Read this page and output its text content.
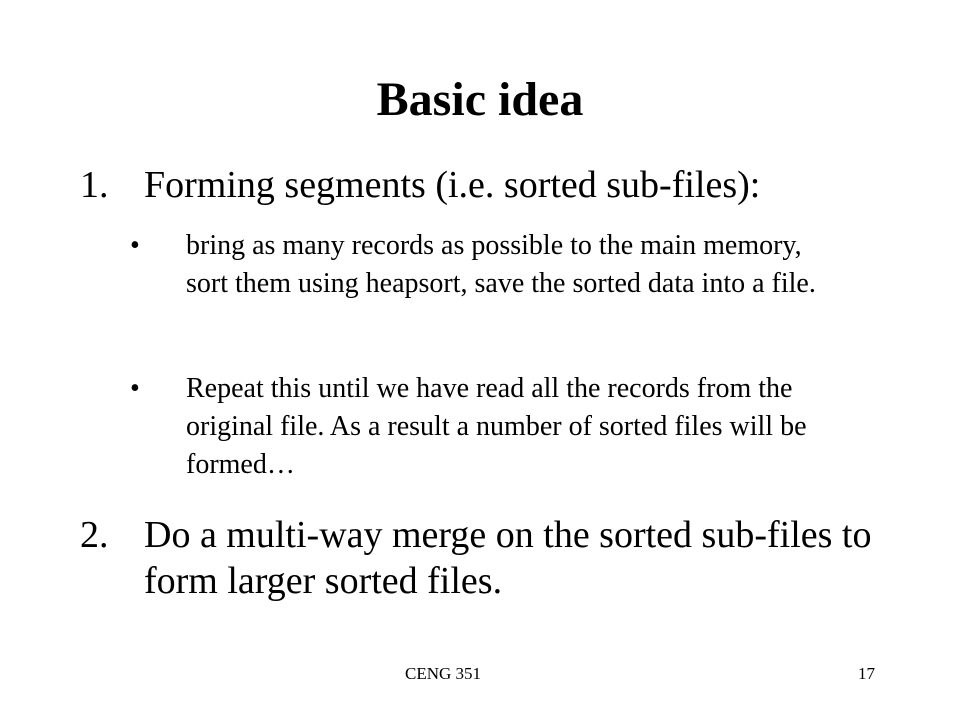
Basic idea
1. Forming segments (i.e. sorted sub-files):
• bring as many records as possible to the main memory, sort them using heapsort, save the sorted data into a file.
• Repeat this until we have read all the records from the original file. As a result a number of sorted files will be formed…
2. Do a multi-way merge on the sorted sub-files to form larger sorted files.
CENG 351	17
